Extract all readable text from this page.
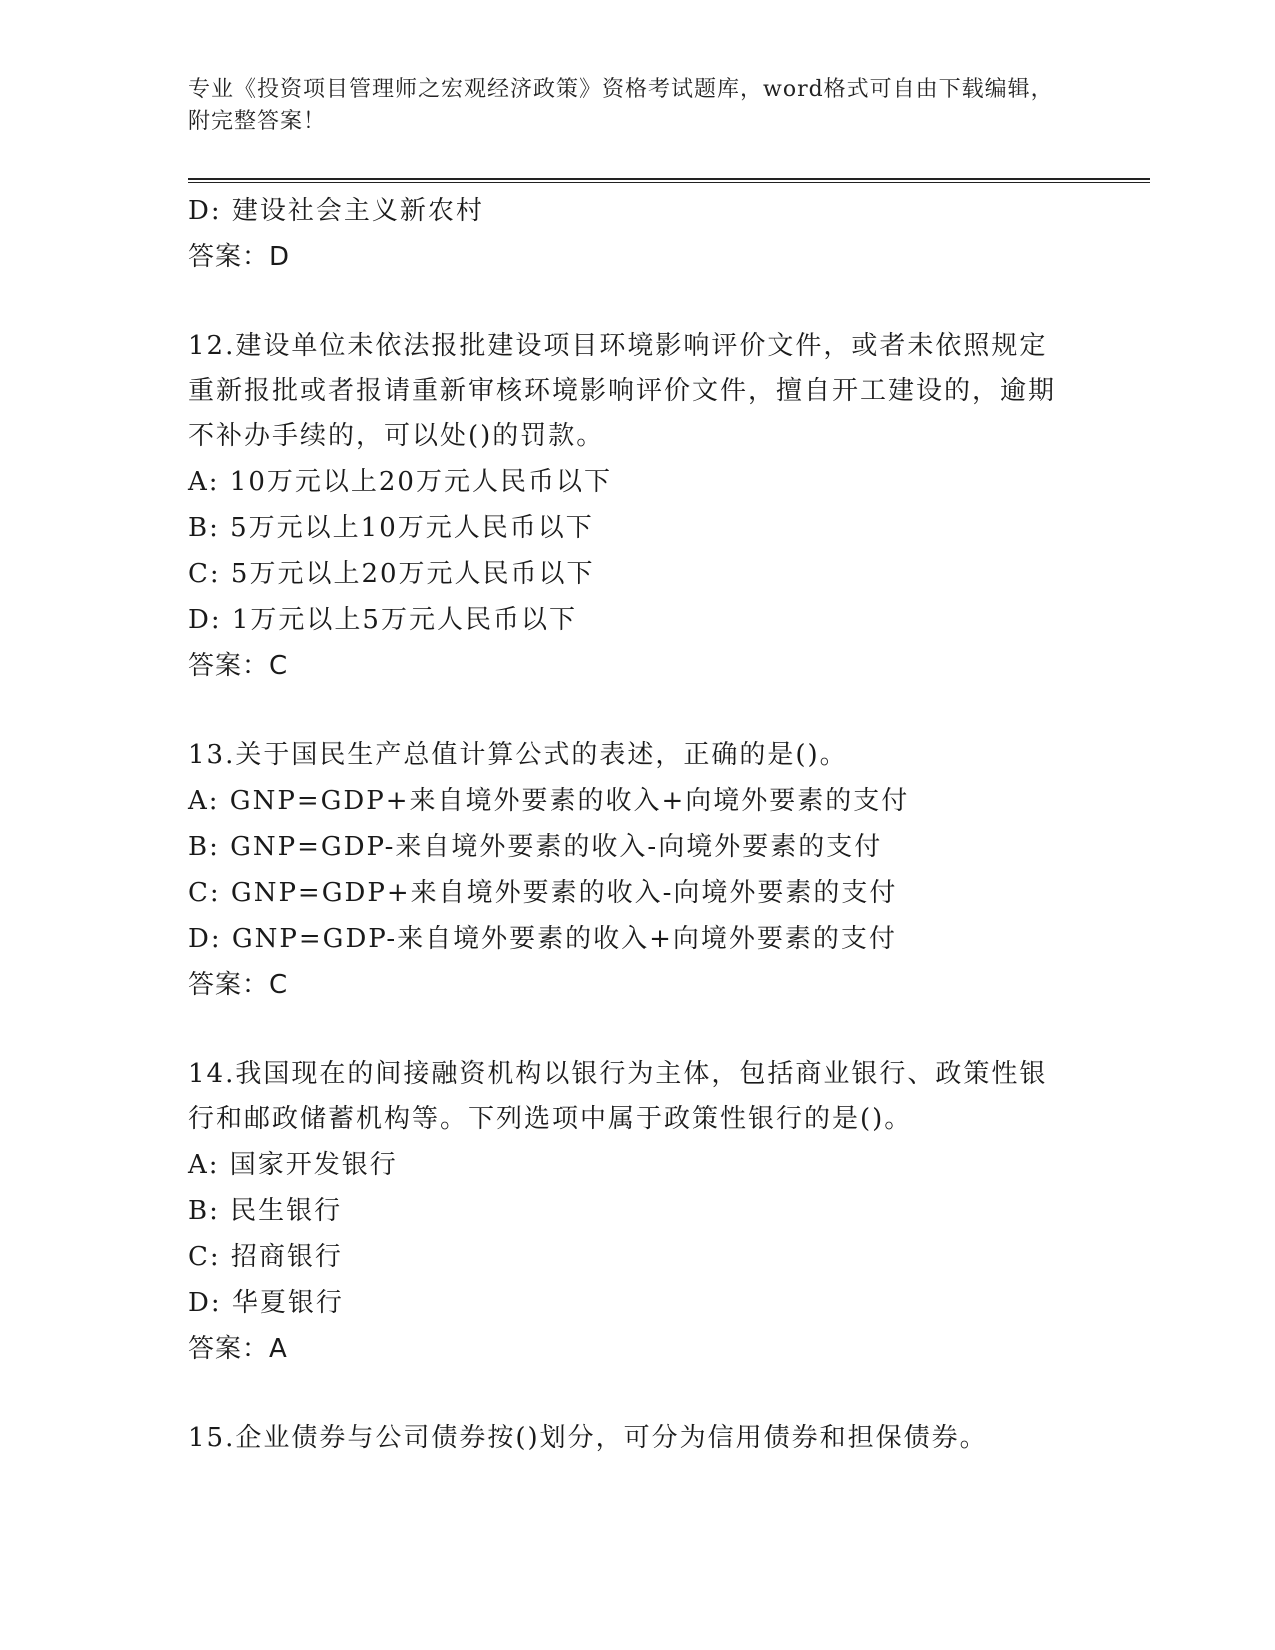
专业《投资项目管理师之宏观经济政策》资格考试题库，word格式可自由下载编辑，附完整答案！
D: 建设社会主义新农村
答案：D
12.建设单位未依法报批建设项目环境影响评价文件，或者未依照规定重新报批或者报请重新审核环境影响评价文件，擅自开工建设的，逾期不补办手续的，可以处()的罚款。
A: 10万元以上20万元人民币以下
B: 5万元以上10万元人民币以下
C: 5万元以上20万元人民币以下
D: 1万元以上5万元人民币以下
答案：C
13.关于国民生产总值计算公式的表述，正确的是()。
A: GNP=GDP+来自境外要素的收入+向境外要素的支付
B: GNP=GDP-来自境外要素的收入-向境外要素的支付
C: GNP=GDP+来自境外要素的收入-向境外要素的支付
D: GNP=GDP-来自境外要素的收入+向境外要素的支付
答案：C
14.我国现在的间接融资机构以银行为主体，包括商业银行、政策性银行和邮政储蓄机构等。下列选项中属于政策性银行的是()。
A: 国家开发银行
B: 民生银行
C: 招商银行
D: 华夏银行
答案：A
15.企业债券与公司债券按()划分，可分为信用债券和担保债券。
